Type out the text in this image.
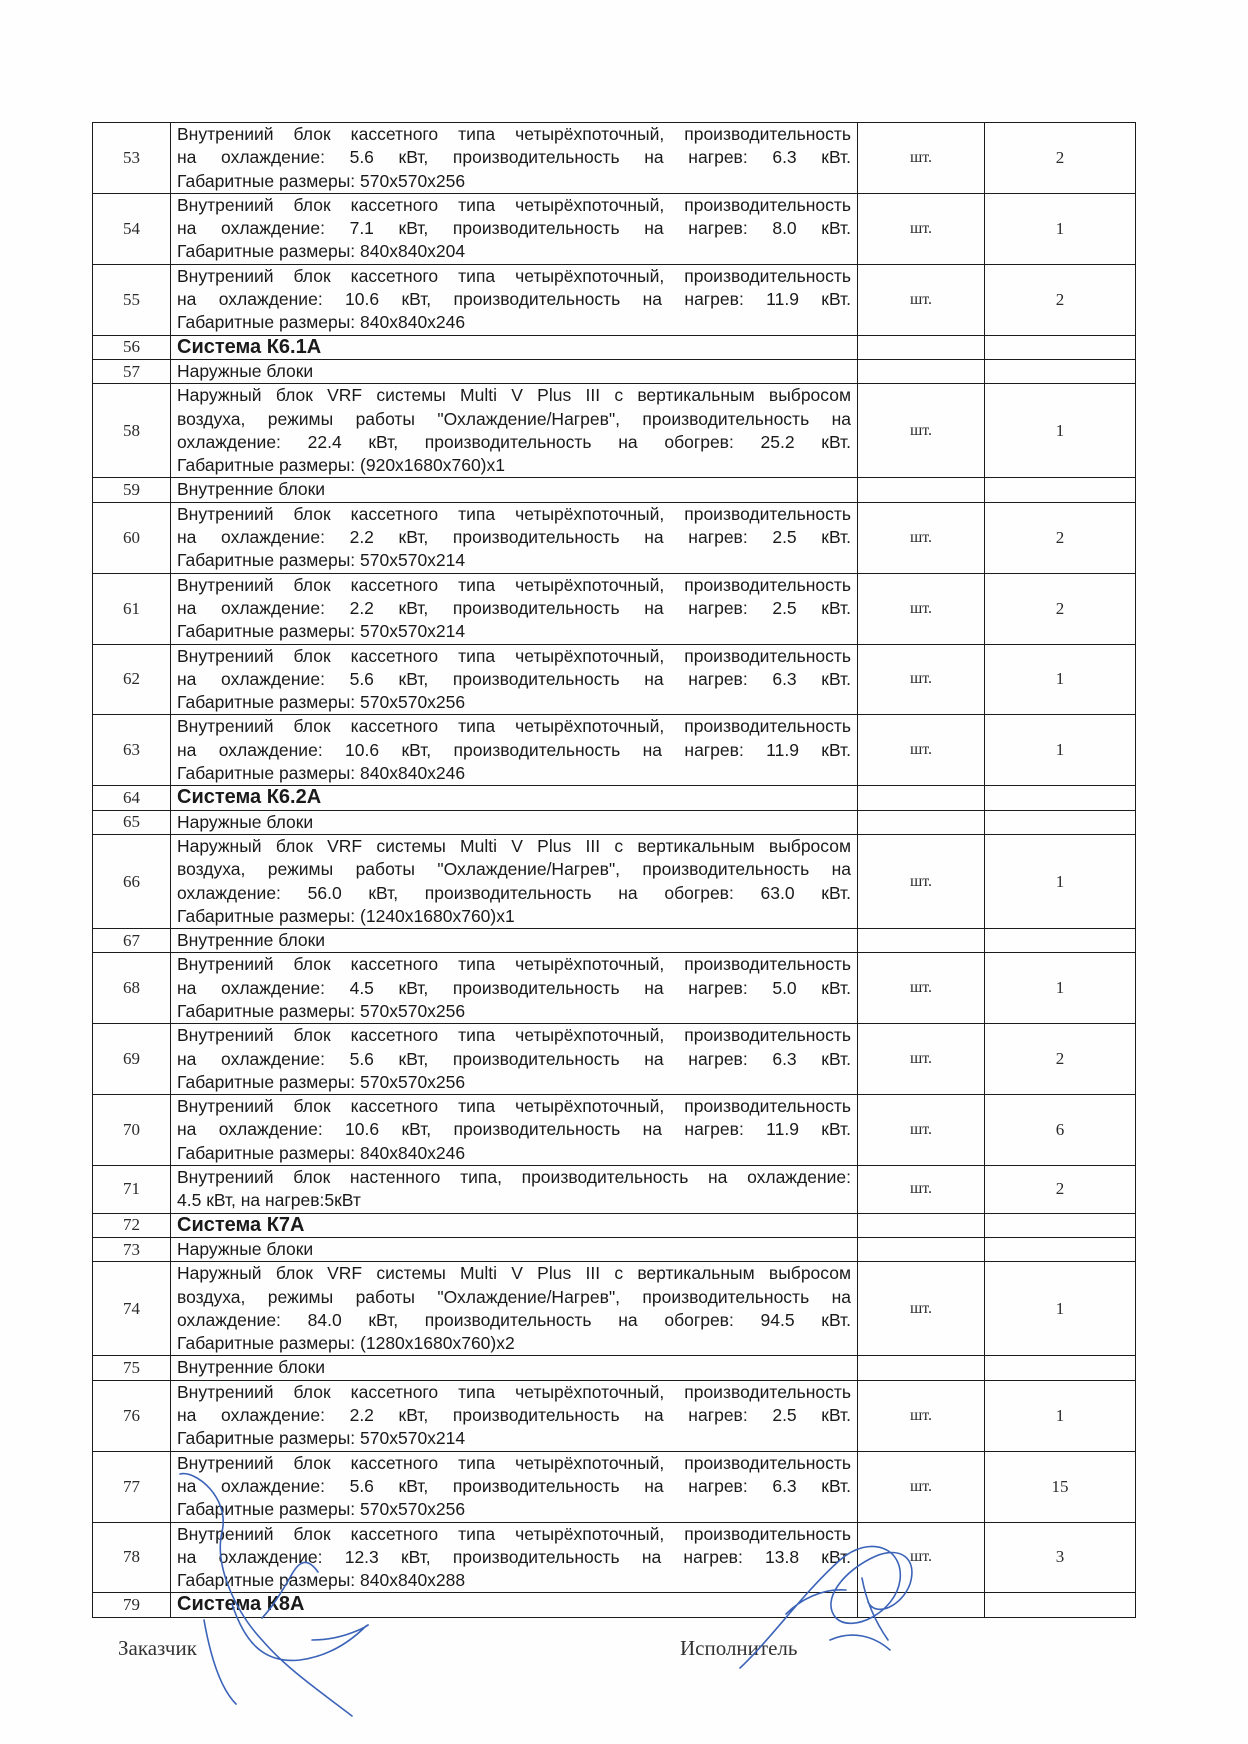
53	Внутрениий блок кассетного типа четырёхпоточный, производительность
на охлаждение: 5.6 кВт, производительность на нагрев: 6.3 кВт.
Габаритные размеры: 570x570x256	шт.	2
54	Внутрениий блок кассетного типа четырёхпоточный, производительность
на охлаждение: 7.1 кВт, производительность на нагрев: 8.0 кВт.
Габаритные размеры: 840x840x204	шт.	1
55	Внутрениий блок кассетного типа четырёхпоточный, производительность
на охлаждение: 10.6 кВт, производительность на нагрев: 11.9 кВт.
Габаритные размеры: 840x840x246	шт.	2
56	Система К6.1А		

57	Наружные блоки		

58	Наружный блок VRF системы Multi V Plus III с вертикальным выбросом
воздуха, режимы работы "Охлаждение/Нагрев", производительность на
охлаждение: 22.4 кВт, производительность на обогрев: 25.2 кВт.
Габаритные размеры: (920x1680x760)x1	шт.	1
59	Внутренние блоки		

60	Внутрениий блок кассетного типа четырёхпоточный, производительность
на охлаждение: 2.2 кВт, производительность на нагрев: 2.5 кВт.
Габаритные размеры: 570x570x214	шт.	2
61	Внутрениий блок кассетного типа четырёхпоточный, производительность
на охлаждение: 2.2 кВт, производительность на нагрев: 2.5 кВт.
Габаритные размеры: 570x570x214	шт.	2
62	Внутрениий блок кассетного типа четырёхпоточный, производительность
на охлаждение: 5.6 кВт, производительность на нагрев: 6.3 кВт.
Габаритные размеры: 570x570x256	шт.	1
63	Внутрениий блок кассетного типа четырёхпоточный, производительность
на охлаждение: 10.6 кВт, производительность на нагрев: 11.9 кВт.
Габаритные размеры: 840x840x246	шт.	1
64	Система К6.2А		

65	Наружные блоки		

66	Наружный блок VRF системы Multi V Plus III с вертикальным выбросом
воздуха, режимы работы "Охлаждение/Нагрев", производительность на
охлаждение: 56.0 кВт, производительность на обогрев: 63.0 кВт.
Габаритные размеры: (1240x1680x760)x1	шт.	1
67	Внутренние блоки		

68	Внутрениий блок кассетного типа четырёхпоточный, производительность
на охлаждение: 4.5 кВт, производительность на нагрев: 5.0 кВт.
Габаритные размеры: 570x570x256	шт.	1
69	Внутрениий блок кассетного типа четырёхпоточный, производительность
на охлаждение: 5.6 кВт, производительность на нагрев: 6.3 кВт.
Габаритные размеры: 570x570x256	шт.	2
70	Внутрениий блок кассетного типа четырёхпоточный, производительность
на охлаждение: 10.6 кВт, производительность на нагрев: 11.9 кВт.
Габаритные размеры: 840x840x246	шт.	6
71	Внутрениий блок настенного типа, производительность на охлаждение:
4.5 кВт, на нагрев:5кВт	шт.	2
72	Система К7А		

73	Наружные блоки		

74	Наружный блок VRF системы Multi V Plus III с вертикальным выбросом
воздуха, режимы работы "Охлаждение/Нагрев", производительность на
охлаждение: 84.0 кВт, производительность на обогрев: 94.5 кВт.
Габаритные размеры: (1280x1680x760)x2	шт.	1
75	Внутренние блоки		

76	Внутрениий блок кассетного типа четырёхпоточный, производительность
на охлаждение: 2.2 кВт, производительность на нагрев: 2.5 кВт.
Габаритные размеры: 570x570x214	шт.	1
77	Внутрениий блок кассетного типа четырёхпоточный, производительность
на охлаждение: 5.6 кВт, производительность на нагрев: 6.3 кВт.
Габаритные размеры: 570x570x256	шт.	15
78	Внутрениий блок кассетного типа четырёхпоточный, производительность
на охлаждение: 12.3 кВт, производительность на нагрев: 13.8 кВт.
Габаритные размеры: 840x840x288	шт.	3
79	Система К8А		

Заказчик	Исполнитель
